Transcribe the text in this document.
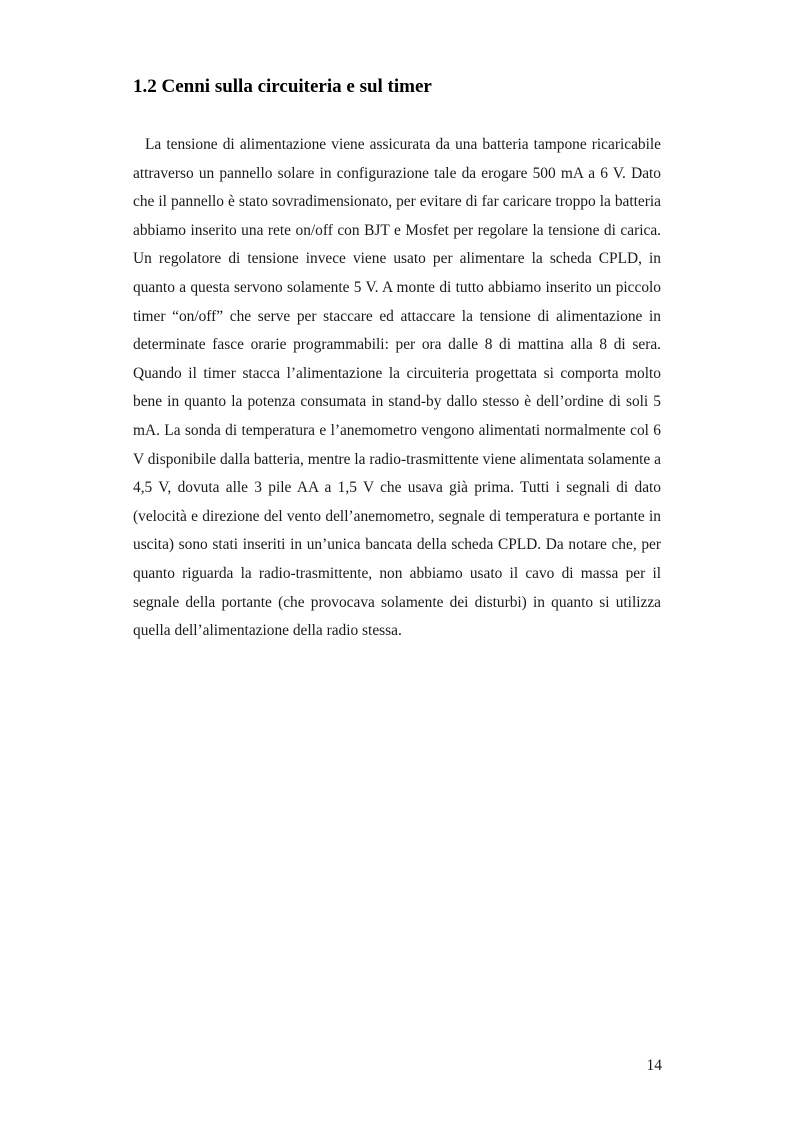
1.2 Cenni sulla circuiteria e sul timer

La tensione di alimentazione viene assicurata da una batteria tampone ricaricabile attraverso un pannello solare in configurazione tale da erogare 500 mA a 6 V. Dato che il pannello è stato sovradimensionato, per evitare di far caricare troppo la batteria abbiamo inserito una rete on/off con BJT e Mosfet per regolare la tensione di carica. Un regolatore di tensione invece viene usato per alimentare la scheda CPLD, in quanto a questa servono solamente 5 V. A monte di tutto abbiamo inserito un piccolo timer “on/off” che serve per staccare ed attaccare la tensione di alimentazione in determinate fasce orarie programmabili: per ora dalle 8 di mattina alla 8 di sera. Quando il timer stacca l’alimentazione la circuiteria progettata si comporta molto bene in quanto la potenza consumata in stand-by dallo stesso è dell’ordine di soli 5 mA. La sonda di temperatura e l’anemometro vengono alimentati normalmente col 6 V disponibile dalla batteria, mentre la radio-trasmittente viene alimentata solamente a 4,5 V, dovuta alle 3 pile AA a 1,5 V che usava già prima. Tutti i segnali di dato (velocità e direzione del vento dell’anemometro, segnale di temperatura e portante in uscita) sono stati inseriti in un’unica bancata della scheda CPLD. Da notare che, per quanto riguarda la radio-trasmittente, non abbiamo usato il cavo di massa per il segnale della portante (che provocava solamente dei disturbi) in quanto si utilizza quella dell’alimentazione della radio stessa.

14
